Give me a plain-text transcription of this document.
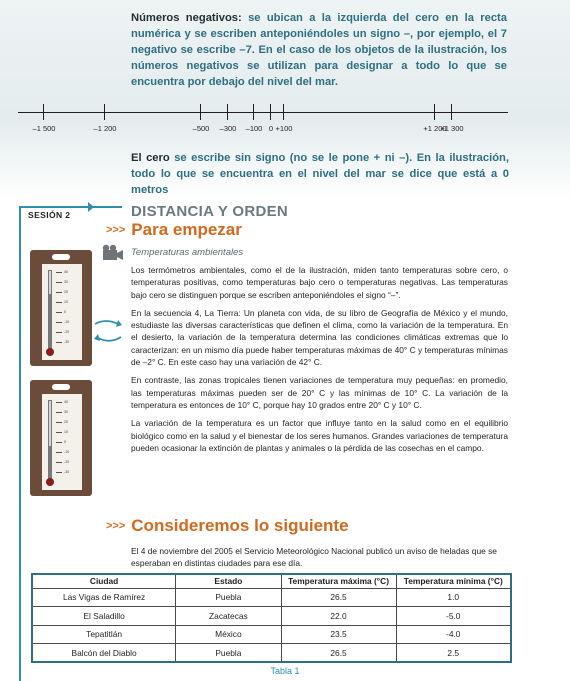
Números negativos: se ubican a la izquierda del cero en la recta numérica y se escriben anteponiéndoles un signo –, por ejemplo, el 7 negativo se escribe –7. En el caso de los objetos de la ilustración, los números negativos se utilizan para designar a todo lo que se encuentra por debajo del nivel del mar.
–1 500	–1 200	–500 –300 –100 0 +100	+1 200
+1 300
El cero se escribe sin signo (no se le pone + ni –). En la ilustración, todo lo que se encuentra en el nivel del mar se dice que está a 0 metros
SESIÓN 2	DISTANCIA Y ORDEN
>>> Para empezar
Temperaturas ambientales

Los termómetros ambientales, como el de la ilustración, miden tanto temperaturas sobre cero, o temperaturas positivas, como temperaturas bajo cero o temperaturas negativas. Las temperaturas bajo cero se distinguen porque se escriben anteponiéndoles el signo “–”.

En la secuencia 4, La Tierra: Un planeta con vida, de su libro de Geografía de México y el mundo, estudiaste las diversas características que definen el clima, como la variación de la temperatura. En el desierto, la variación de la temperatura determina las condiciones climáticas extremas que lo caracterizan: en un mismo día puede haber temperaturas máximas de 40° C y temperaturas mínimas de –2° C. En este caso hay una variación de 42° C.

En contraste, las zonas tropicales tienen variaciones de temperatura muy pequeñas: en promedio, las temperaturas máximas pueden ser de 20° C y las mínimas de 10° C. La variación de la temperatura es entonces de 10° C, porque hay 10 grados entre 20° C y 10° C.

La variación de la temperatura es un factor que influye tanto en la salud como en el equilibrio biológico como en la salud y el bienestar de los seres humanos. Grandes variaciones de temperatura pueden ocasionar la extinción de plantas y animales o la pérdida de las cosechas en el campo.

40
30
20
10
0
-10
-20
-30
40
30
20
10
0
-10
-20
-30
>>> Consideremos lo siguiente
El 4 de noviembre del 2005 el Servicio Meteorológico Nacional publicó un aviso de heladas que se esperaban en distintas ciudades para ese día.
Ciudad	Estado	Temperatura máxima (°C)	Temperatura mínima (°C)
Las Vigas de Ramírez	Puebla	26.5	1.0
El Saladillo	Zacatecas	22.0	-5.0
Tepatitlán	México	23.5	-4.0
Balcón del Diablo	Puebla	26.5	2.5
Tabla 1
